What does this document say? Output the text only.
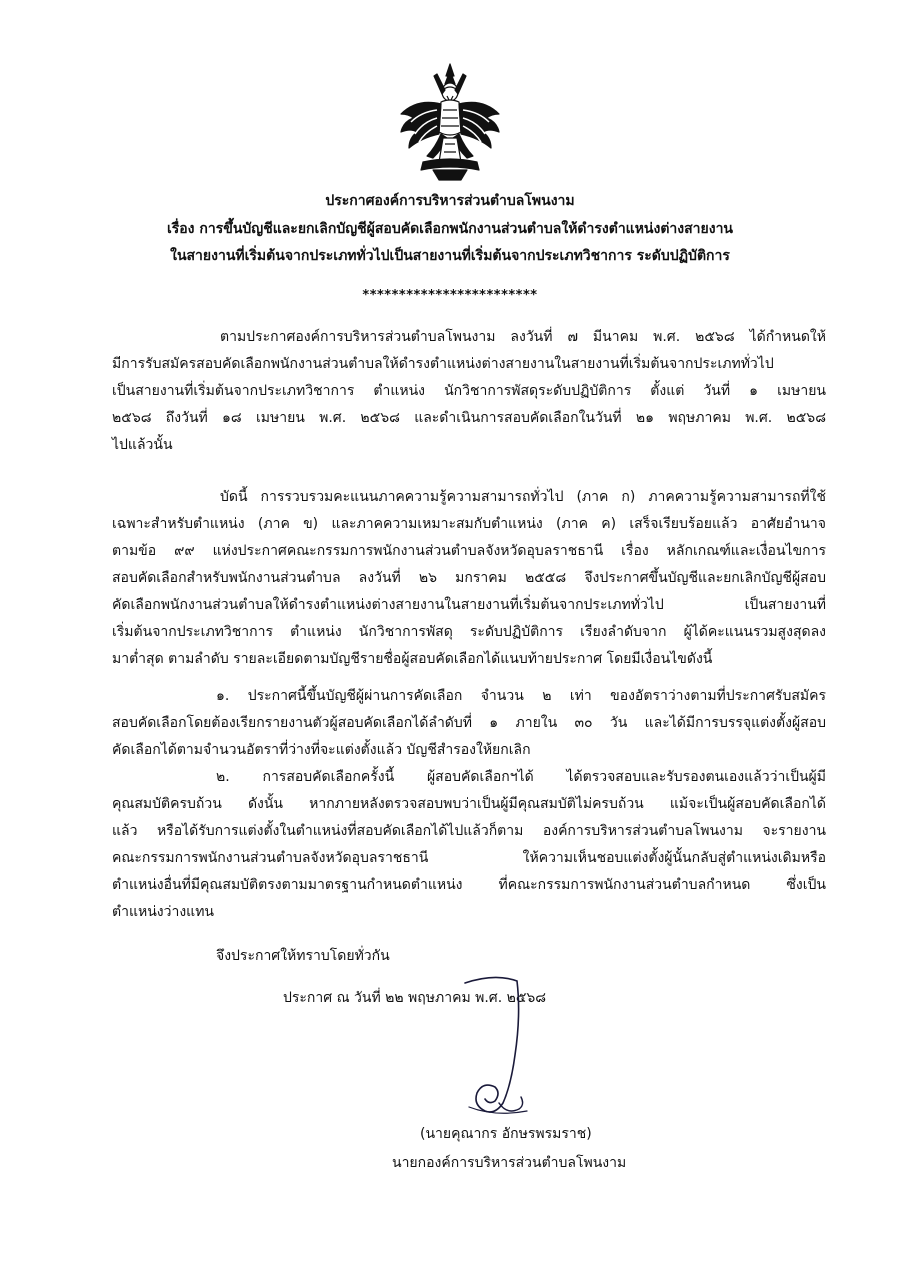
ประกาศองค์การบริหารส่วนตำบลโพนงาม
เรื่อง การขึ้นบัญชีและยกเลิกบัญชีผู้สอบคัดเลือกพนักงานส่วนตำบลให้ดำรงตำแหน่งต่างสายงาน
ในสายงานที่เริ่มต้นจากประเภททั่วไปเป็นสายงานที่เริ่มต้นจากประเภทวิชาการ ระดับปฏิบัติการ
************************
ตามประกาศองค์การบริหารส่วนตำบลโพนงาม ลงวันที่ ๗ มีนาคม พ.ศ. ๒๕๖๘ ได้กำหนดให้
มีการรับสมัครสอบคัดเลือกพนักงานส่วนตำบลให้ดำรงตำแหน่งต่างสายงานในสายงานที่เริ่มต้นจากประเภททั่วไป
เป็นสายงานที่เริ่มต้นจากประเภทวิชาการ ตำแหน่ง นักวิชาการพัสดุระดับปฏิบัติการ ตั้งแต่ วันที่ ๑ เมษายน
๒๕๖๘ ถึงวันที่ ๑๘ เมษายน พ.ศ. ๒๕๖๘ และดำเนินการสอบคัดเลือกในวันที่ ๒๑ พฤษภาคม พ.ศ. ๒๕๖๘
ไปแล้วนั้น
บัดนี้ การรวบรวมคะแนนภาคความรู้ความสามารถทั่วไป (ภาค ก) ภาคความรู้ความสามารถที่ใช้
เฉพาะสำหรับตำแหน่ง (ภาค ข) และภาคความเหมาะสมกับตำแหน่ง (ภาค ค) เสร็จเรียบร้อยแล้ว อาศัยอำนาจ
ตามข้อ ๙๙ แห่งประกาศคณะกรรมการพนักงานส่วนตำบลจังหวัดอุบลราชธานี เรื่อง หลักเกณฑ์และเงื่อนไขการ
สอบคัดเลือกสำหรับพนักงานส่วนตำบล ลงวันที่ ๒๖ มกราคม ๒๕๕๘ จึงประกาศขึ้นบัญชีและยกเลิกบัญชีผู้สอบ
คัดเลือกพนักงานส่วนตำบลให้ดำรงตำแหน่งต่างสายงานในสายงานที่เริ่มต้นจากประเภททั่วไป เป็นสายงานที่
เริ่มต้นจากประเภทวิชาการ ตำแหน่ง นักวิชาการพัสดุ ระดับปฏิบัติการ เรียงลำดับจาก ผู้ได้คะแนนรวมสูงสุดลง
มาต่ำสุด ตามลำดับ รายละเอียดตามบัญชีรายชื่อผู้สอบคัดเลือกได้แนบท้ายประกาศ โดยมีเงื่อนไขดังนี้
๑. ประกาศนี้ขึ้นบัญชีผู้ผ่านการคัดเลือก จำนวน ๒ เท่า ของอัตราว่างตามที่ประกาศรับสมัคร
สอบคัดเลือกโดยต้องเรียกรายงานตัวผู้สอบคัดเลือกได้ลำดับที่ ๑ ภายใน ๓๐ วัน และได้มีการบรรจุแต่งตั้งผู้สอบ
คัดเลือกได้ตามจำนวนอัตราที่ว่างที่จะแต่งตั้งแล้ว บัญชีสำรองให้ยกเลิก
๒. การสอบคัดเลือกครั้งนี้ ผู้สอบคัดเลือกฯได้ ได้ตรวจสอบและรับรองตนเองแล้วว่าเป็นผู้มี
คุณสมบัติครบถ้วน ดังนั้น หากภายหลังตรวจสอบพบว่าเป็นผู้มีคุณสมบัติไม่ครบถ้วน แม้จะเป็นผู้สอบคัดเลือกได้
แล้ว หรือได้รับการแต่งตั้งในตำแหน่งที่สอบคัดเลือกได้ไปแล้วก็ตาม องค์การบริหารส่วนตำบลโพนงาม จะรายงาน
คณะกรรมการพนักงานส่วนตำบลจังหวัดอุบลราชธานี ให้ความเห็นชอบแต่งตั้งผู้นั้นกลับสู่ตำแหน่งเดิมหรือ
ตำแหน่งอื่นที่มีคุณสมบัติตรงตามมาตรฐานกำหนดตำแหน่ง ที่คณะกรรมการพนักงานส่วนตำบลกำหนด ซึ่งเป็น
ตำแหน่งว่างแทน
จึงประกาศให้ทราบโดยทั่วกัน
ประกาศ ณ วันที่ ๒๒ พฤษภาคม พ.ศ. ๒๕๖๘
(นายคุณากร อักษรพรมราช)
นายกองค์การบริหารส่วนตำบลโพนงาม
